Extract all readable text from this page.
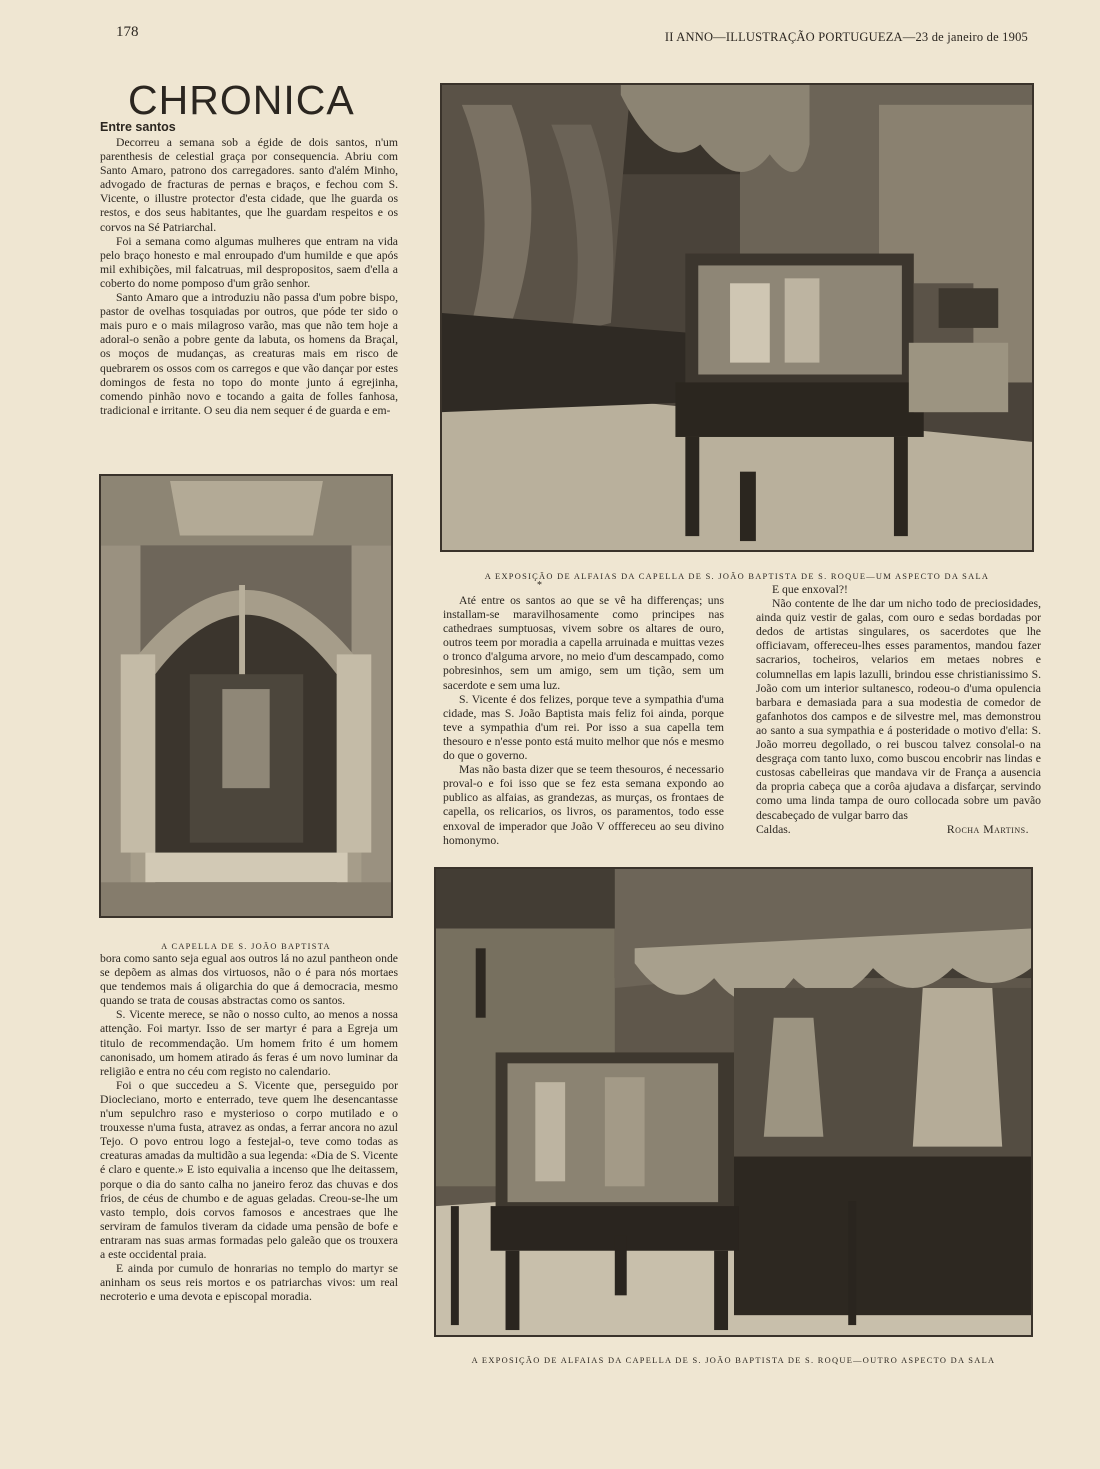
178	II ANNO—ILLUSTRAÇÃO PORTUGUEZA—23 de janeiro de 1905
CHRONICA
Entre santos

Decorreu a semana sob a égide de dois santos, n'um parenthesis de celestial graça por consequencia. Abriu com Santo Amaro, patrono dos carregadores. santo d'além Minho, advogado de fracturas de pernas e braços, e fechou com S. Vicente, o illustre protector d'esta cidade, que lhe guarda os restos, e dos seus habitantes, que lhe guardam respeitos e os corvos na Sé Patriarchal.

Foi a semana como algumas mulheres que entram na vida pelo braço honesto e mal enroupado d'um humilde e que após mil exhibições, mil falcatruas, mil despropositos, saem d'ella a coberto do nome pomposo d'um grão senhor.

Santo Amaro que a introduziu não passa d'um pobre bispo, pastor de ovelhas tosquiadas por outros, que póde ter sido o mais puro e o mais milagroso varão, mas que não tem hoje a adoral-o senão a pobre gente da labuta, os homens da Braçal, os moços de mudanças, as creaturas mais em risco de quebrarem os ossos com os carregos e que vão dançar por estes domingos de festa no topo do monte junto á egrejinha, comendo pinhão novo e tocando a gaita de folles fanhosa, tradicional e irritante. O seu dia nem sequer é de guarda e em-

A EXPOSIÇÃO DE ALFAIAS DA CAPELLA DE S. JOÃO BAPTISTA DE S. ROQUE—UM ASPECTO DA SALA
*
A CAPELLA DE S. JOÃO BAPTISTA

bora como santo seja egual aos outros lá no azul pantheon onde se depõem as almas dos virtuosos, não o é para nós mortaes que tendemos mais á oligarchia do que á democracia, mesmo quando se trata de cousas abstractas como os santos.

S. Vicente merece, se não o nosso culto, ao menos a nossa attenção. Foi martyr. Isso de ser martyr é para a Egreja um titulo de recommendação. Um homem frito é um homem canonisado, um homem atirado ás feras é um novo luminar da religião e entra no céu com registo no calendario.

Foi o que succedeu a S. Vicente que, perseguido por Diocleciano, morto e enterrado, teve quem lhe desencantasse n'um sepulchro raso e mysterioso o corpo mutilado e o trouxesse n'uma fusta, atravez as ondas, a ferrar ancora no azul Tejo. O povo entrou logo a festejal-o, teve como todas as creaturas amadas da multidão a sua legenda: «Dia de S. Vicente é claro e quente.» E isto equivalia a incenso que lhe deitassem, porque o dia do santo calha no janeiro feroz das chuvas e dos frios, de céus de chumbo e de aguas geladas. Creou-se-lhe um vasto templo, dois corvos famosos e ancestraes que lhe serviram de famulos tiveram da cidade uma pensão de bofe e entraram nas suas armas formadas pelo galeão que os trouxera a este occidental praia.

E ainda por cumulo de honrarias no templo do martyr se aninham os seus reis mortos e os patriarchas vivos: um real necroterio e uma devota e episcopal moradia.

Até entre os santos ao que se vê ha differenças; uns installam-se maravilhosamente como principes nas cathedraes sumptuosas, vivem sobre os altares de ouro, outros teem por moradia a capella arruinada e muittas vezes o tronco d'alguma arvore, no meio d'um descampado, como pobresinhos, sem um amigo, sem um tição, sem um sacerdote e sem uma luz.

S. Vicente é dos felizes, porque teve a sympathia d'uma cidade, mas S. João Baptista mais feliz foi ainda, porque teve a sympathia d'um rei. Por isso a sua capella tem thesouro e n'esse ponto está muito melhor que nós e mesmo do que o governo.

Mas não basta dizer que se teem thesouros, é necessario proval-o e foi isso que se fez esta semana expondo ao publico as alfaias, as grandezas, as murças, os frontaes de capella, os relicarios, os livros, os paramentos, todo esse enxoval de imperador que João V offfereceu ao seu divino homonymo.

E que enxoval?!

Não contente de lhe dar um nicho todo de preciosidades, ainda quiz vestir de galas, com ouro e sedas bordadas por dedos de artistas singulares, os sacerdotes que lhe officiavam, offereceu-lhes esses paramentos, mandou fazer sacrarios, tocheiros, velarios em metaes nobres e columnellas em lapis lazulli, brindou esse christianissimo S. João com um interior sultanesco, rodeou-o d'uma opulencia barbara e demasiada para a sua modestia de comedor de gafanhotos dos campos e de silvestre mel, mas demonstrou ao santo a sua sympathia e á posteridade o motivo d'ella: S. João morreu degollado, o rei buscou talvez consolal-o na desgraça com tanto luxo, como buscou encobrir nas lindas e custosas cabelleiras que mandava vir de França a ausencia da propria cabeça que a corôa ajudava a disfarçar, servindo como uma linda tampa de ouro collocada sobre um pavão descabeçado de vulgar barro das

Caldas.	Rocha Martins.
A EXPOSIÇÃO DE ALFAIAS DA CAPELLA DE S. JOÃO BAPTISTA DE S. ROQUE—OUTRO ASPECTO DA SALA
